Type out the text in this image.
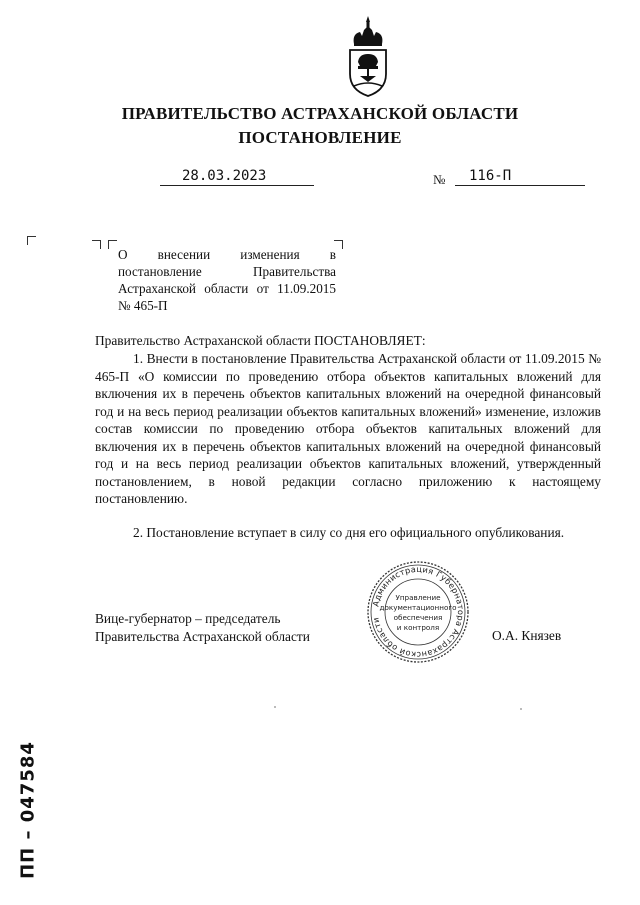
ПРАВИТЕЛЬСТВО АСТРАХАНСКОЙ ОБЛАСТИ
ПОСТАНОВЛЕНИЕ
28.03.2023	№	116-П
О внесении изменения в постановление Правительства Астраханской области от 11.09.2015 № 465-П
Правительство Астраханской области ПОСТАНОВЛЯЕТ:
1. Внести в постановление Правительства Астраханской области от 11.09.2015 № 465-П «О комиссии по проведению отбора объектов капитальных вложений для включения их в перечень объектов капитальных вложений на очередной финансовый год и на весь период реализации объектов капитальных вложений» изменение, изложив состав комиссии по проведению отбора объектов капитальных вложений для включения их в перечень объектов капитальных вложений на очередной финансовый год и на весь период реализации объектов капитальных вложений, утвержденный постановлением, в новой редакции согласно приложению к настоящему постановлению.
2. Постановление вступает в силу со дня его официального опубликования.
Вице-губернатор – председатель
Правительства Астраханской области	О.А. Князев
Администрация Губернатора Астраханской области
Управление
документационного
обеспечения
и контроля
ПП – 047584
